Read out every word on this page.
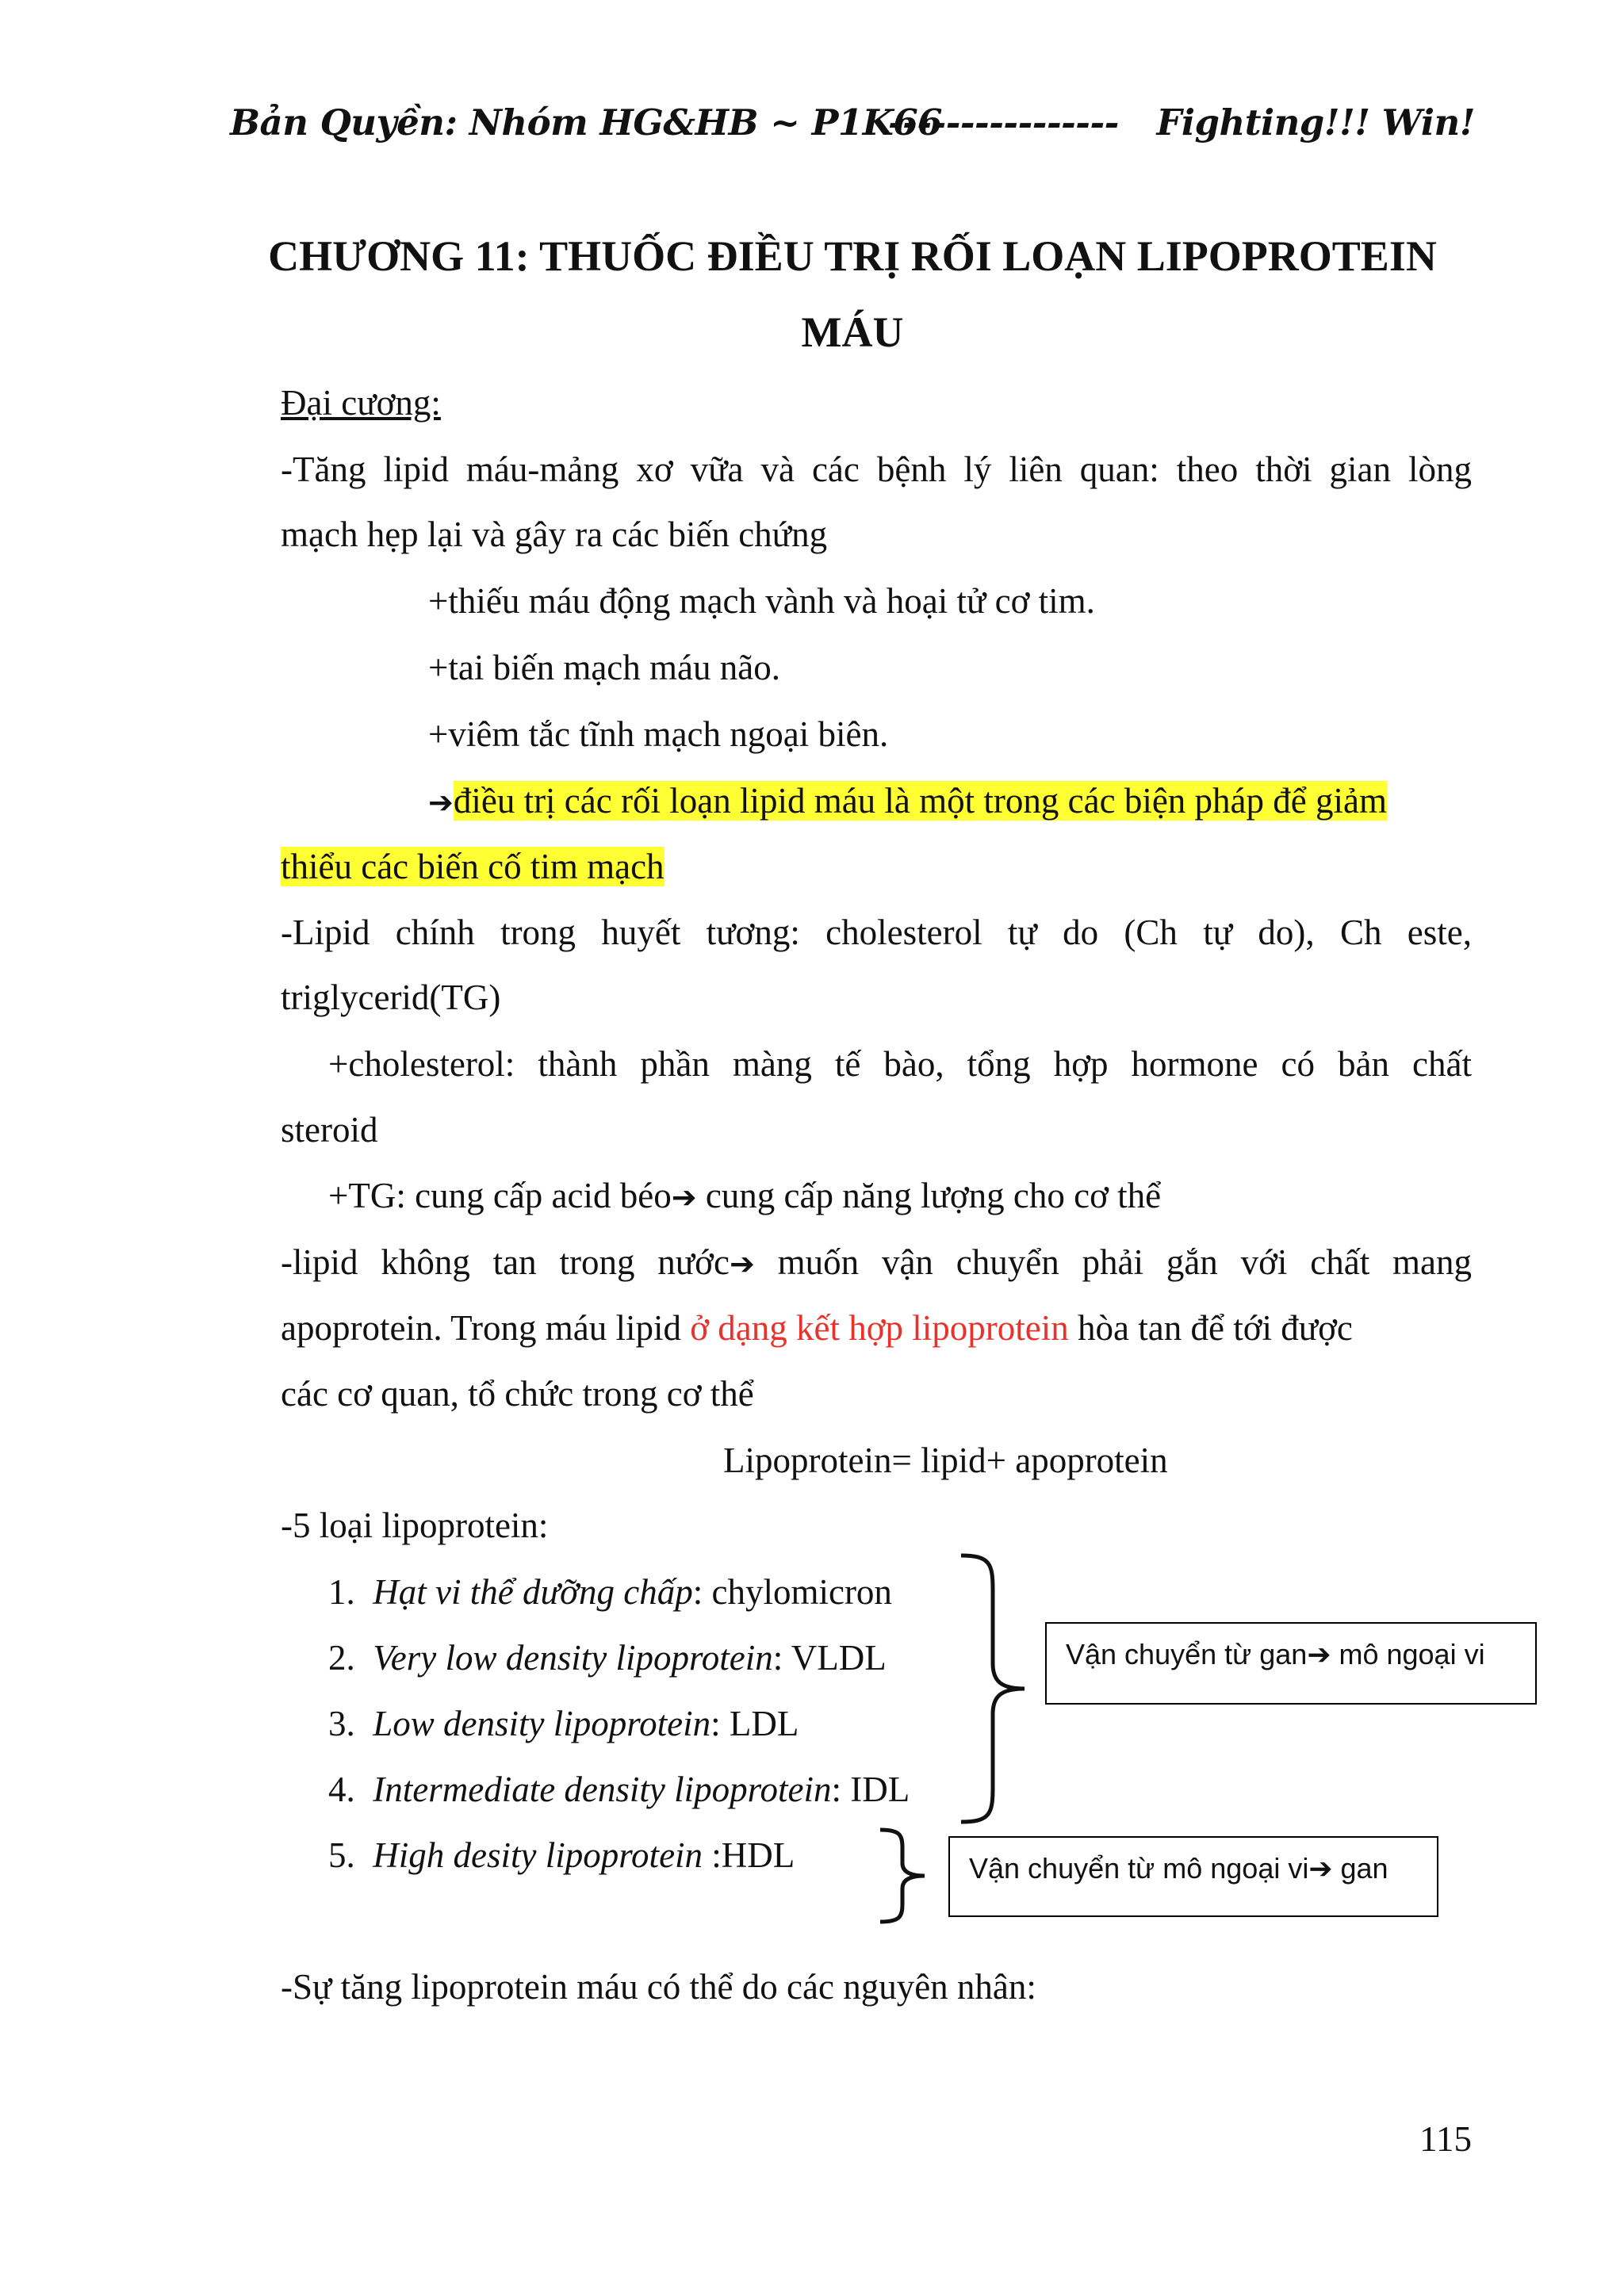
Bản Quyền: Nhóm HG&HB ~ P1K66
---------------- Fighting!!! Win!
CHƯƠNG 11: THUỐC ĐIỀU TRỊ RỐI LOẠN LIPOPROTEIN
MÁU
Đại cương:
-Tăng lipid máu-mảng xơ vữa và các bệnh lý liên quan: theo thời gian lòng
mạch hẹp lại và gây ra các biến chứng
+thiếu máu động mạch vành và hoại tử cơ tim.
+tai biến mạch máu não.
+viêm tắc tĩnh mạch ngoại biên.
➔điều trị các rối loạn lipid máu là một trong các biện pháp để giảm
thiểu các biến cố tim mạch
-Lipid chính trong huyết tương: cholesterol tự do (Ch tự do), Ch este,
triglycerid(TG)
+cholesterol: thành phần màng tế bào, tổng hợp hormone có bản chất
steroid
+TG: cung cấp acid béo➔ cung cấp năng lượng cho cơ thể
-lipid không tan trong nước➔ muốn vận chuyển phải gắn với chất mang
apoprotein. Trong máu lipid ở dạng kết hợp lipoprotein hòa tan để tới được
các cơ quan, tổ chức trong cơ thể
Lipoprotein= lipid+ apoprotein
-5 loại lipoprotein:
1. Hạt vi thể dưỡng chấp: chylomicron
2. Very low density lipoprotein: VLDL
3. Low density lipoprotein: LDL
4. Intermediate density lipoprotein: IDL
5. High desity lipoprotein :HDL
Vận chuyển từ gan➔ mô ngoại vi
Vận chuyển từ mô ngoại vi➔ gan
-Sự tăng lipoprotein máu có thể do các nguyên nhân:
115
